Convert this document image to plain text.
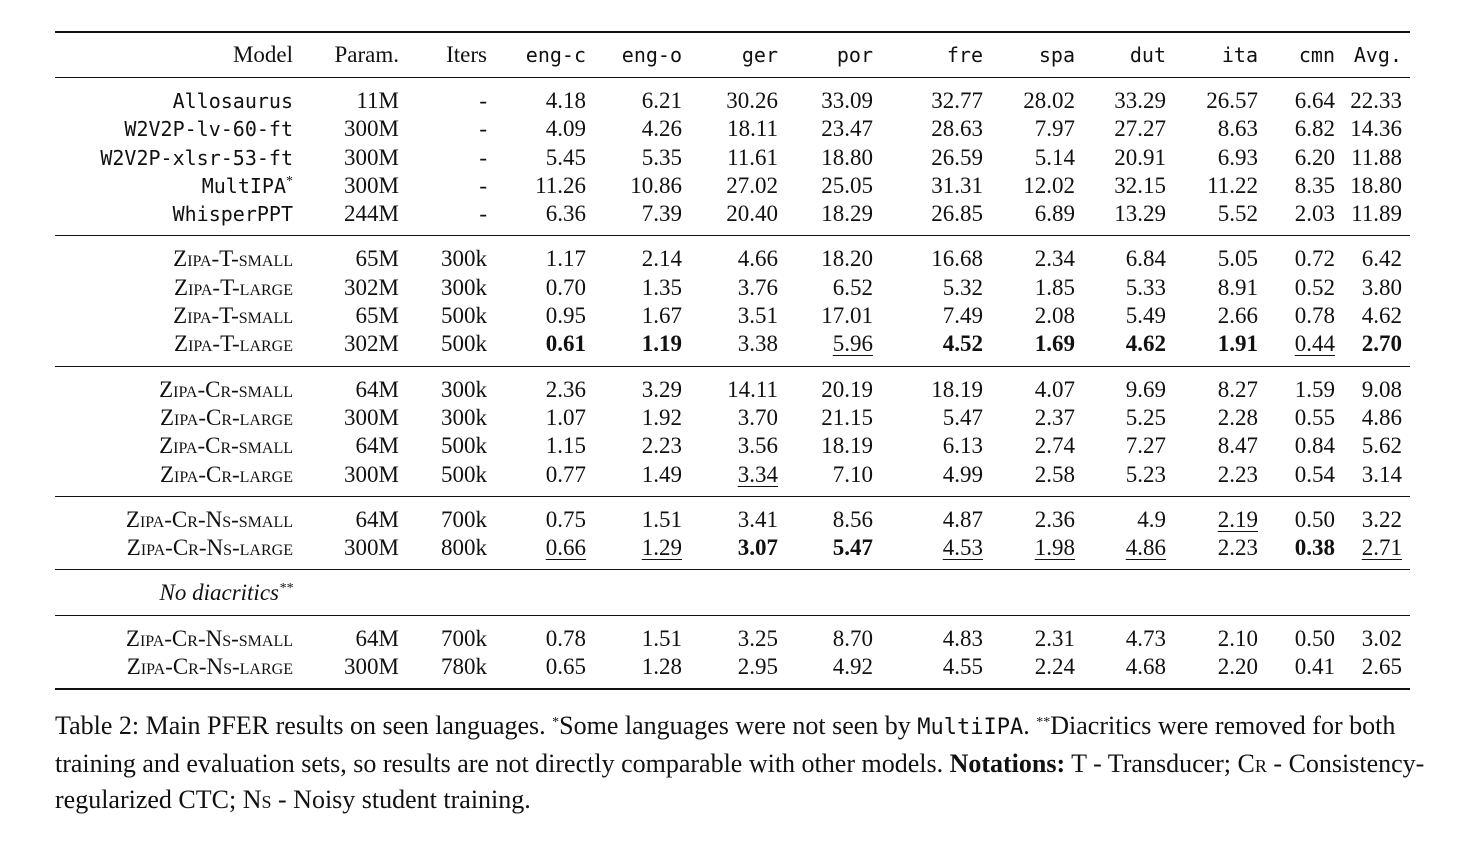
Model	Param.	Iters	eng-c	eng-o	ger	por	fre	spa	dut	ita	cmn	Avg.
Allosaurus	11M	-	4.18	6.21	30.26	33.09	32.77	28.02	33.29	26.57	6.64	22.33
W2V2P-lv-60-ft	300M	-	4.09	4.26	18.11	23.47	28.63	7.97	27.27	8.63	6.82	14.36
W2V2P-xlsr-53-ft	300M	-	5.45	5.35	11.61	18.80	26.59	5.14	20.91	6.93	6.20	11.88
MultIPA*	300M	-	11.26	10.86	27.02	25.05	31.31	12.02	32.15	11.22	8.35	18.80
WhisperPPT	244M	-	6.36	7.39	20.40	18.29	26.85	6.89	13.29	5.52	2.03	11.89
Zipa-T-small	65M	300k	1.17	2.14	4.66	18.20	16.68	2.34	6.84	5.05	0.72	6.42
Zipa-T-large	302M	300k	0.70	1.35	3.76	6.52	5.32	1.85	5.33	8.91	0.52	3.80
Zipa-T-small	65M	500k	0.95	1.67	3.51	17.01	7.49	2.08	5.49	2.66	0.78	4.62
Zipa-T-large	302M	500k	0.61	1.19	3.38	5.96	4.52	1.69	4.62	1.91	0.44	2.70
Zipa-Cr-small	64M	300k	2.36	3.29	14.11	20.19	18.19	4.07	9.69	8.27	1.59	9.08
Zipa-Cr-large	300M	300k	1.07	1.92	3.70	21.15	5.47	2.37	5.25	2.28	0.55	4.86
Zipa-Cr-small	64M	500k	1.15	2.23	3.56	18.19	6.13	2.74	7.27	8.47	0.84	5.62
Zipa-Cr-large	300M	500k	0.77	1.49	3.34	7.10	4.99	2.58	5.23	2.23	0.54	3.14
Zipa-Cr-Ns-small	64M	700k	0.75	1.51	3.41	8.56	4.87	2.36	4.9	2.19	0.50	3.22
Zipa-Cr-Ns-large	300M	800k	0.66	1.29	3.07	5.47	4.53	1.98	4.86	2.23	0.38	2.71
No diacritics**												
Zipa-Cr-Ns-small	64M	700k	0.78	1.51	3.25	8.70	4.83	2.31	4.73	2.10	0.50	3.02
Zipa-Cr-Ns-large	300M	780k	0.65	1.28	2.95	4.92	4.55	2.24	4.68	2.20	0.41	2.65
Table 2: Main PFER results on seen languages. *Some languages were not seen by MultiIPA. **Diacritics were removed for both training and evaluation sets, so results are not directly comparable with other models. Notations: T - Transducer; Cr - Consistency-regularized CTC; Ns - Noisy student training.
